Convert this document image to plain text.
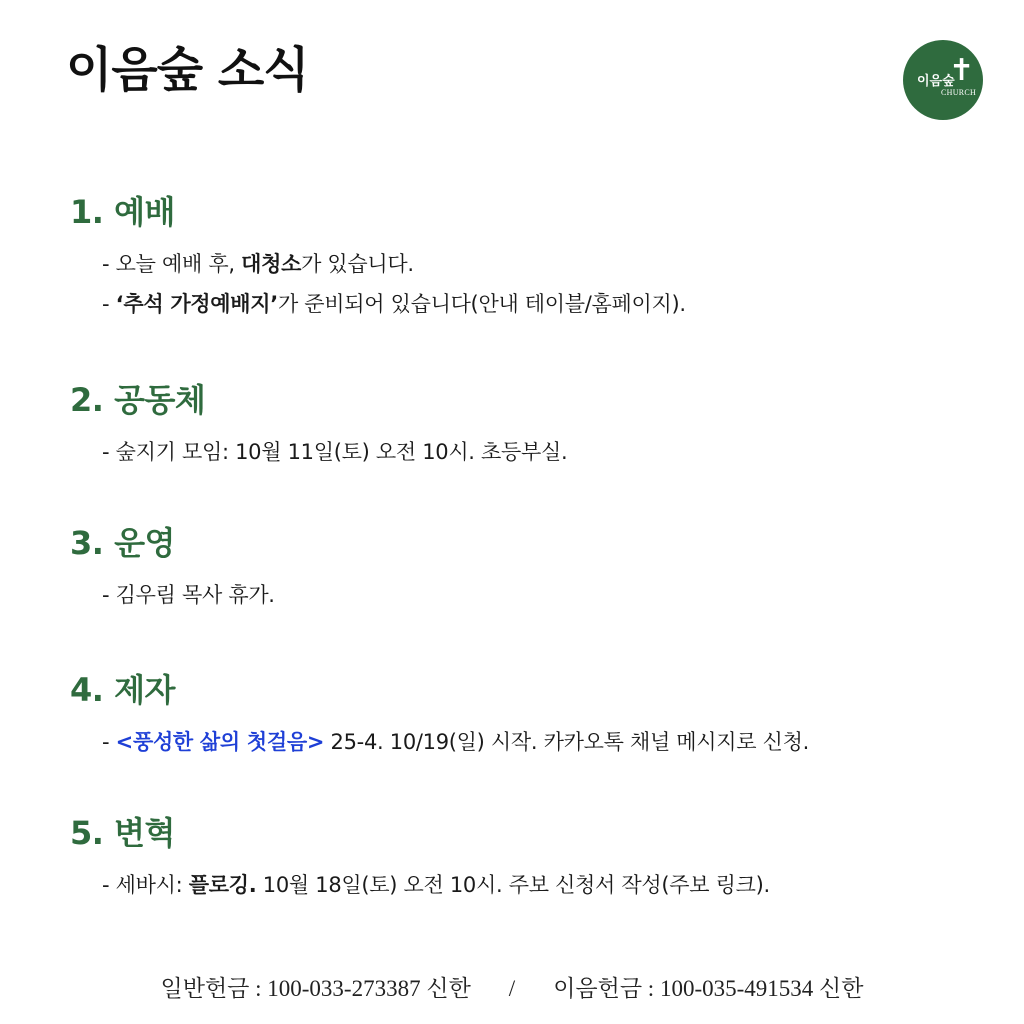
이음숲 소식	이음숲
✝
CHURCH
1. 예배
- 오늘 예배 후, 대청소가 있습니다.
- ‘추석 가정예배지’가 준비되어 있습니다(안내 테이블/홈페이지).
2. 공동체
- 숲지기 모임: 10월 11일(토) 오전 10시. 초등부실.
3. 운영
- 김우림 목사 휴가.
4. 제자
- <풍성한 삶의 첫걸음> 25-4. 10/19(일) 시작. 카카오톡 채널 메시지로 신청.
5. 변혁
- 세바시: 플로깅. 10월 18일(토) 오전 10시. 주보 신청서 작성(주보 링크).
일반헌금 : 100-033-273387 신한 / 이음헌금 : 100-035-491534 신한
